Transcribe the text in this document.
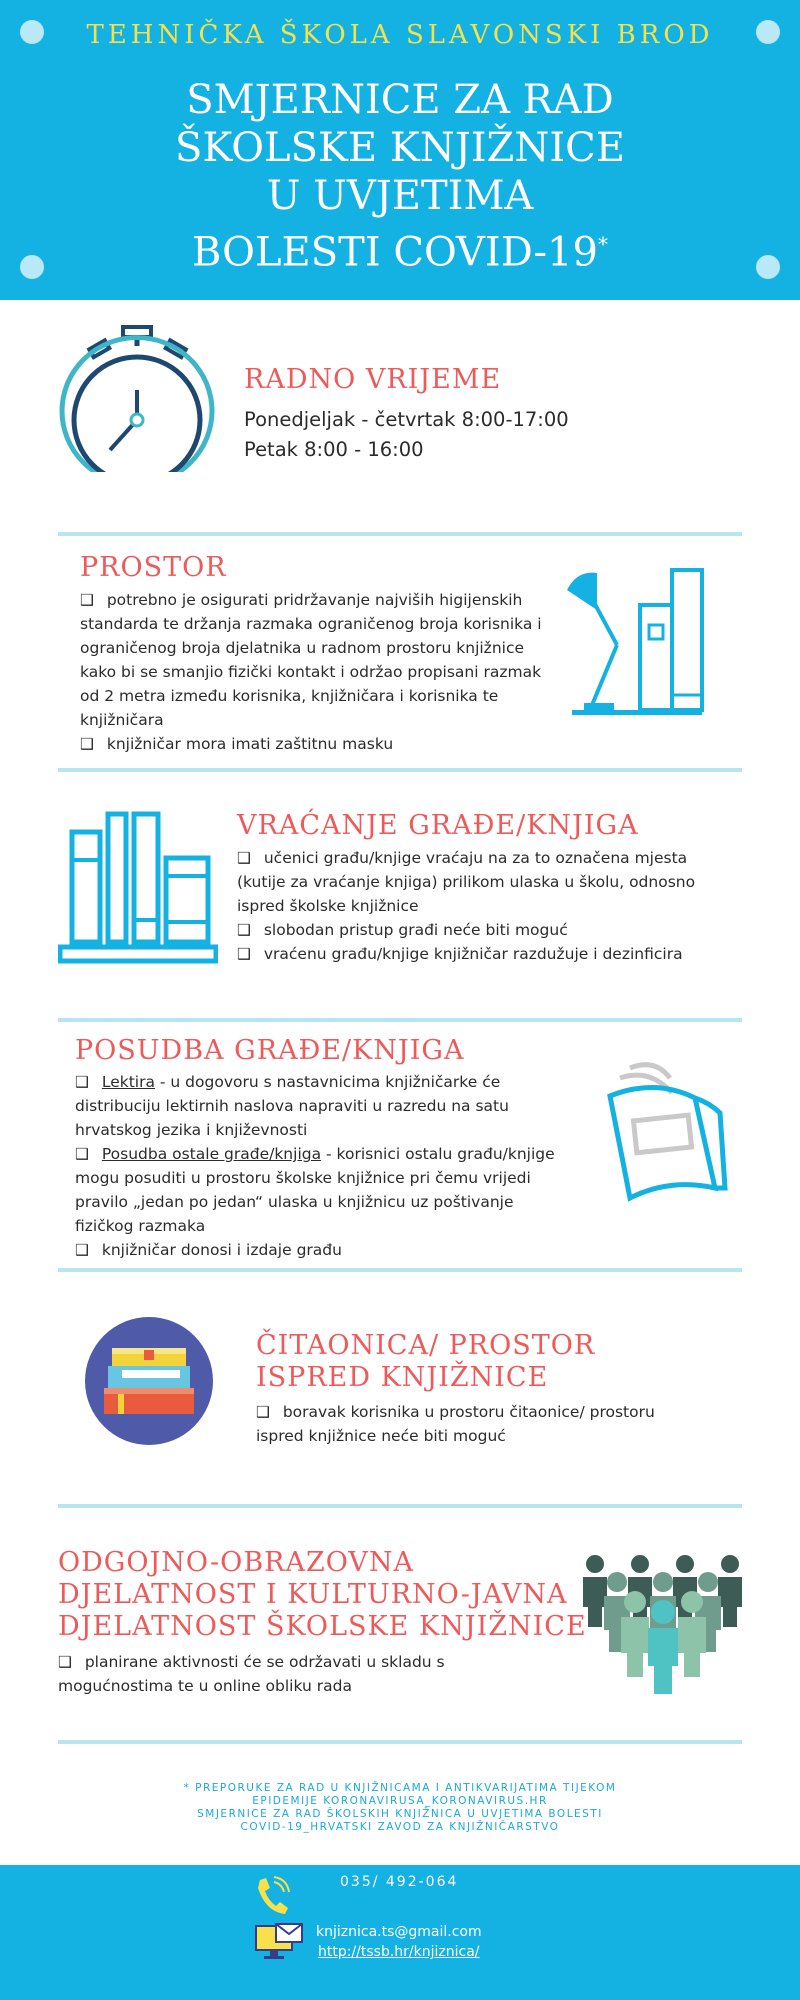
TEHNIČKA ŠKOLA SLAVONSKI BROD
SMJERNICE ZA RAD
ŠKOLSKE KNJIŽNICE
U UVJETIMA
BOLESTI COVID-19*
RADNO VRIJEME
Ponedjeljak - četvrtak 8:00-17:00
Petak 8:00 - 16:00
PROSTOR
❑ potrebno je osigurati pridržavanje najviših higijenskih standarda te držanja razmaka ograničenog broja korisnika i ograničenog broja djelatnika u radnom prostoru knjižnice kako bi se smanjio fizički kontakt i održao propisani razmak od 2 metra između korisnika, knjižničara i korisnika te knjižničara
❑ knjižničar mora imati zaštitnu masku
VRAĆANJE GRAĐE/KNJIGA
❑ učenici građu/knjige vraćaju na za to označena mjesta (kutije za vraćanje knjiga) prilikom ulaska u školu, odnosno ispred školske knjižnice
❑ slobodan pristup građi neće biti moguć
❑ vraćenu građu/knjige knjižničar razdužuje i dezinficira
POSUDBA GRAĐE/KNJIGA
❑ Lektira - u dogovoru s nastavnicima knjižničarke će distribuciju lektirnih naslova napraviti u razredu na satu hrvatskog jezika i književnosti
❑ Posudba ostale građe/knjiga - korisnici ostalu građu/knjige mogu posuditi u prostoru školske knjižnice pri čemu vrijedi pravilo „jedan po jedan“ ulaska u knjižnicu uz poštivanje fizičkog razmaka
❑ knjižničar donosi i izdaje građu
ČITAONICA/ PROSTOR
ISPRED KNJIŽNICE
❑ boravak korisnika u prostoru čitaonice/ prostoru ispred knjižnice neće biti moguć
ODGOJNO-OBRAZOVNA
DJELATNOST I KULTURNO-JAVNA
DJELATNOST ŠKOLSKE KNJIŽNICE
❑ planirane aktivnosti će se održavati u skladu s mogućnostima te u online obliku rada
* PREPORUKE ZA RAD U KNJIŽNICAMA I ANTIKVARIJATIMA TIJEKOM
EPIDEMIJE KORONAVIRUSA_KORONAVIRUS.HR
SMJERNICE ZA RAD ŠKOLSKIH KNJIŽNICA U UVJETIMA BOLESTI
COVID-19_HRVATSKI ZAVOD ZA KNJIŽNIČARSTVO
035/ 492-064
knjiznica.ts@gmail.com
http://tssb.hr/knjiznica/
